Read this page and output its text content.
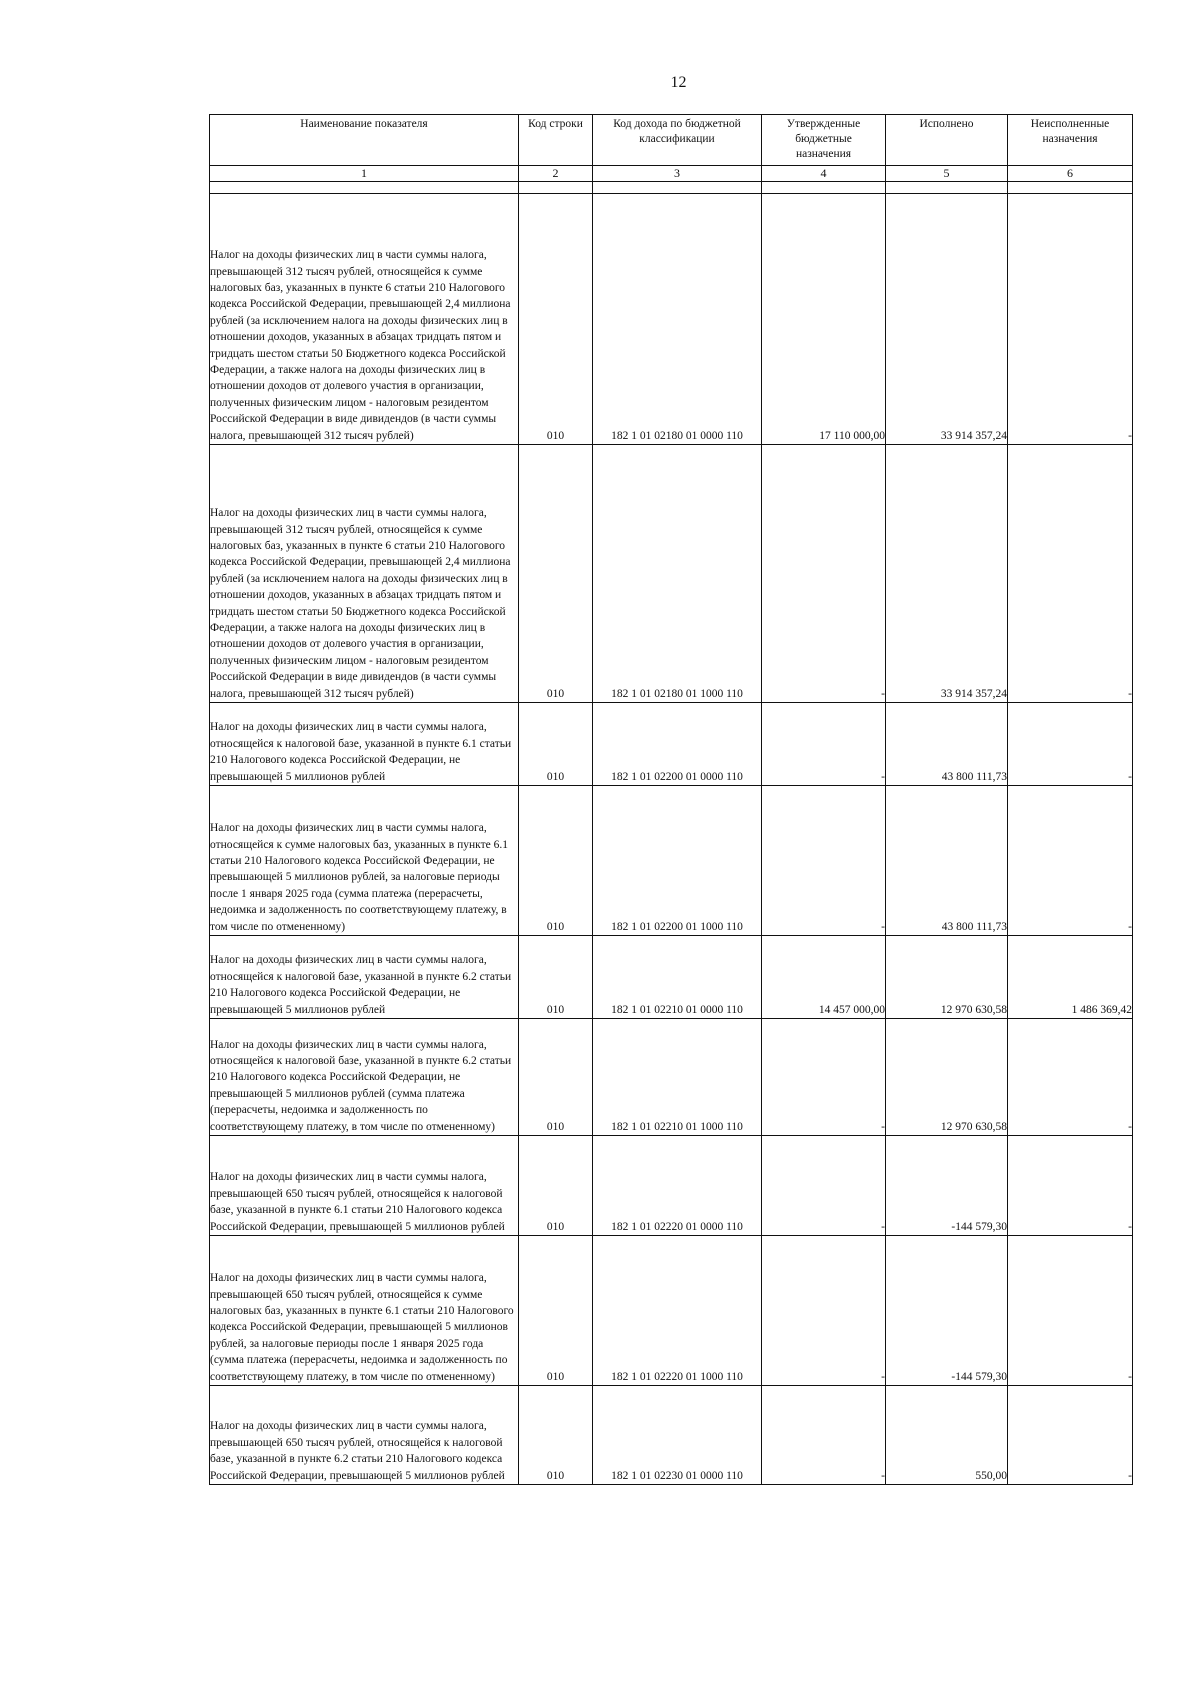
12
Наименование показателя	Код строки	Код дохода по бюджетной классификации	Утвержденные бюджетные назначения	Исполнено	Неисполненные назначения
1	2	3	4	5	6

Налог на доходы физических лиц в части суммы налога, превышающей 312 тысяч рублей, относящейся к сумме налоговых баз, указанных в пункте 6 статьи 210 Налогового кодекса Российской Федерации, превышающей 2,4 миллиона рублей (за исключением налога на доходы физических лиц в отношении доходов, указанных в абзацах тридцать пятом и тридцать шестом статьи 50 Бюджетного кодекса Российской Федерации, а также налога на доходы физических лиц в отношении доходов от долевого участия в организации, полученных физическим лицом - налоговым резидентом Российской Федерации в виде дивидендов (в части суммы налога, превышающей 312 тысяч рублей)	010	182 1 01 02180 01 0000 110	17 110 000,00	33 914 357,24	-
Налог на доходы физических лиц в части суммы налога, превышающей 312 тысяч рублей, относящейся к сумме налоговых баз, указанных в пункте 6 статьи 210 Налогового кодекса Российской Федерации, превышающей 2,4 миллиона рублей (за исключением налога на доходы физических лиц в отношении доходов, указанных в абзацах тридцать пятом и тридцать шестом статьи 50 Бюджетного кодекса Российской Федерации, а также налога на доходы физических лиц в отношении доходов от долевого участия в организации, полученных физическим лицом - налоговым резидентом Российской Федерации в виде дивидендов (в части суммы налога, превышающей 312 тысяч рублей)	010	182 1 01 02180 01 1000 110	-	33 914 357,24	-
Налог на доходы физических лиц в части суммы налога, относящейся к налоговой базе, указанной в пункте 6.1 статьи 210 Налогового кодекса Российской Федерации, не превышающей 5 миллионов рублей	010	182 1 01 02200 01 0000 110	-	43 800 111,73	-
Налог на доходы физических лиц в части суммы налога, относящейся к сумме налоговых баз, указанных в пункте 6.1 статьи 210 Налогового кодекса Российской Федерации, не превышающей 5 миллионов рублей, за налоговые периоды после 1 января 2025 года (сумма платежа (перерасчеты, недоимка и задолженность по соответствующему платежу, в том числе по отмененному)	010	182 1 01 02200 01 1000 110	-	43 800 111,73	-
Налог на доходы физических лиц в части суммы налога, относящейся к налоговой базе, указанной в пункте 6.2 статьи 210 Налогового кодекса Российской Федерации, не превышающей 5 миллионов рублей	010	182 1 01 02210 01 0000 110	14 457 000,00	12 970 630,58	1 486 369,42
Налог на доходы физических лиц в части суммы налога, относящейся к налоговой базе, указанной в пункте 6.2 статьи 210 Налогового кодекса Российской Федерации, не превышающей 5 миллионов рублей (сумма платежа (перерасчеты, недоимка и задолженность по соответствующему платежу, в том числе по отмененному)	010	182 1 01 02210 01 1000 110	-	12 970 630,58	-
Налог на доходы физических лиц в части суммы налога, превышающей 650 тысяч рублей, относящейся к налоговой базе, указанной в пункте 6.1 статьи 210 Налогового кодекса Российской Федерации, превышающей 5 миллионов рублей	010	182 1 01 02220 01 0000 110	-	-144 579,30	-
Налог на доходы физических лиц в части суммы налога, превышающей 650 тысяч рублей, относящейся к сумме налоговых баз, указанных в пункте 6.1 статьи 210 Налогового кодекса Российской Федерации, превышающей 5 миллионов рублей, за налоговые периоды после 1 января 2025 года (сумма платежа (перерасчеты, недоимка и задолженность по соответствующему платежу, в том числе по отмененному)	010	182 1 01 02220 01 1000 110	-	-144 579,30	-
Налог на доходы физических лиц в части суммы налога, превышающей 650 тысяч рублей, относящейся к налоговой базе, указанной в пункте 6.2 статьи 210 Налогового кодекса Российской Федерации, превышающей 5 миллионов рублей	010	182 1 01 02230 01 0000 110	-	550,00	-
